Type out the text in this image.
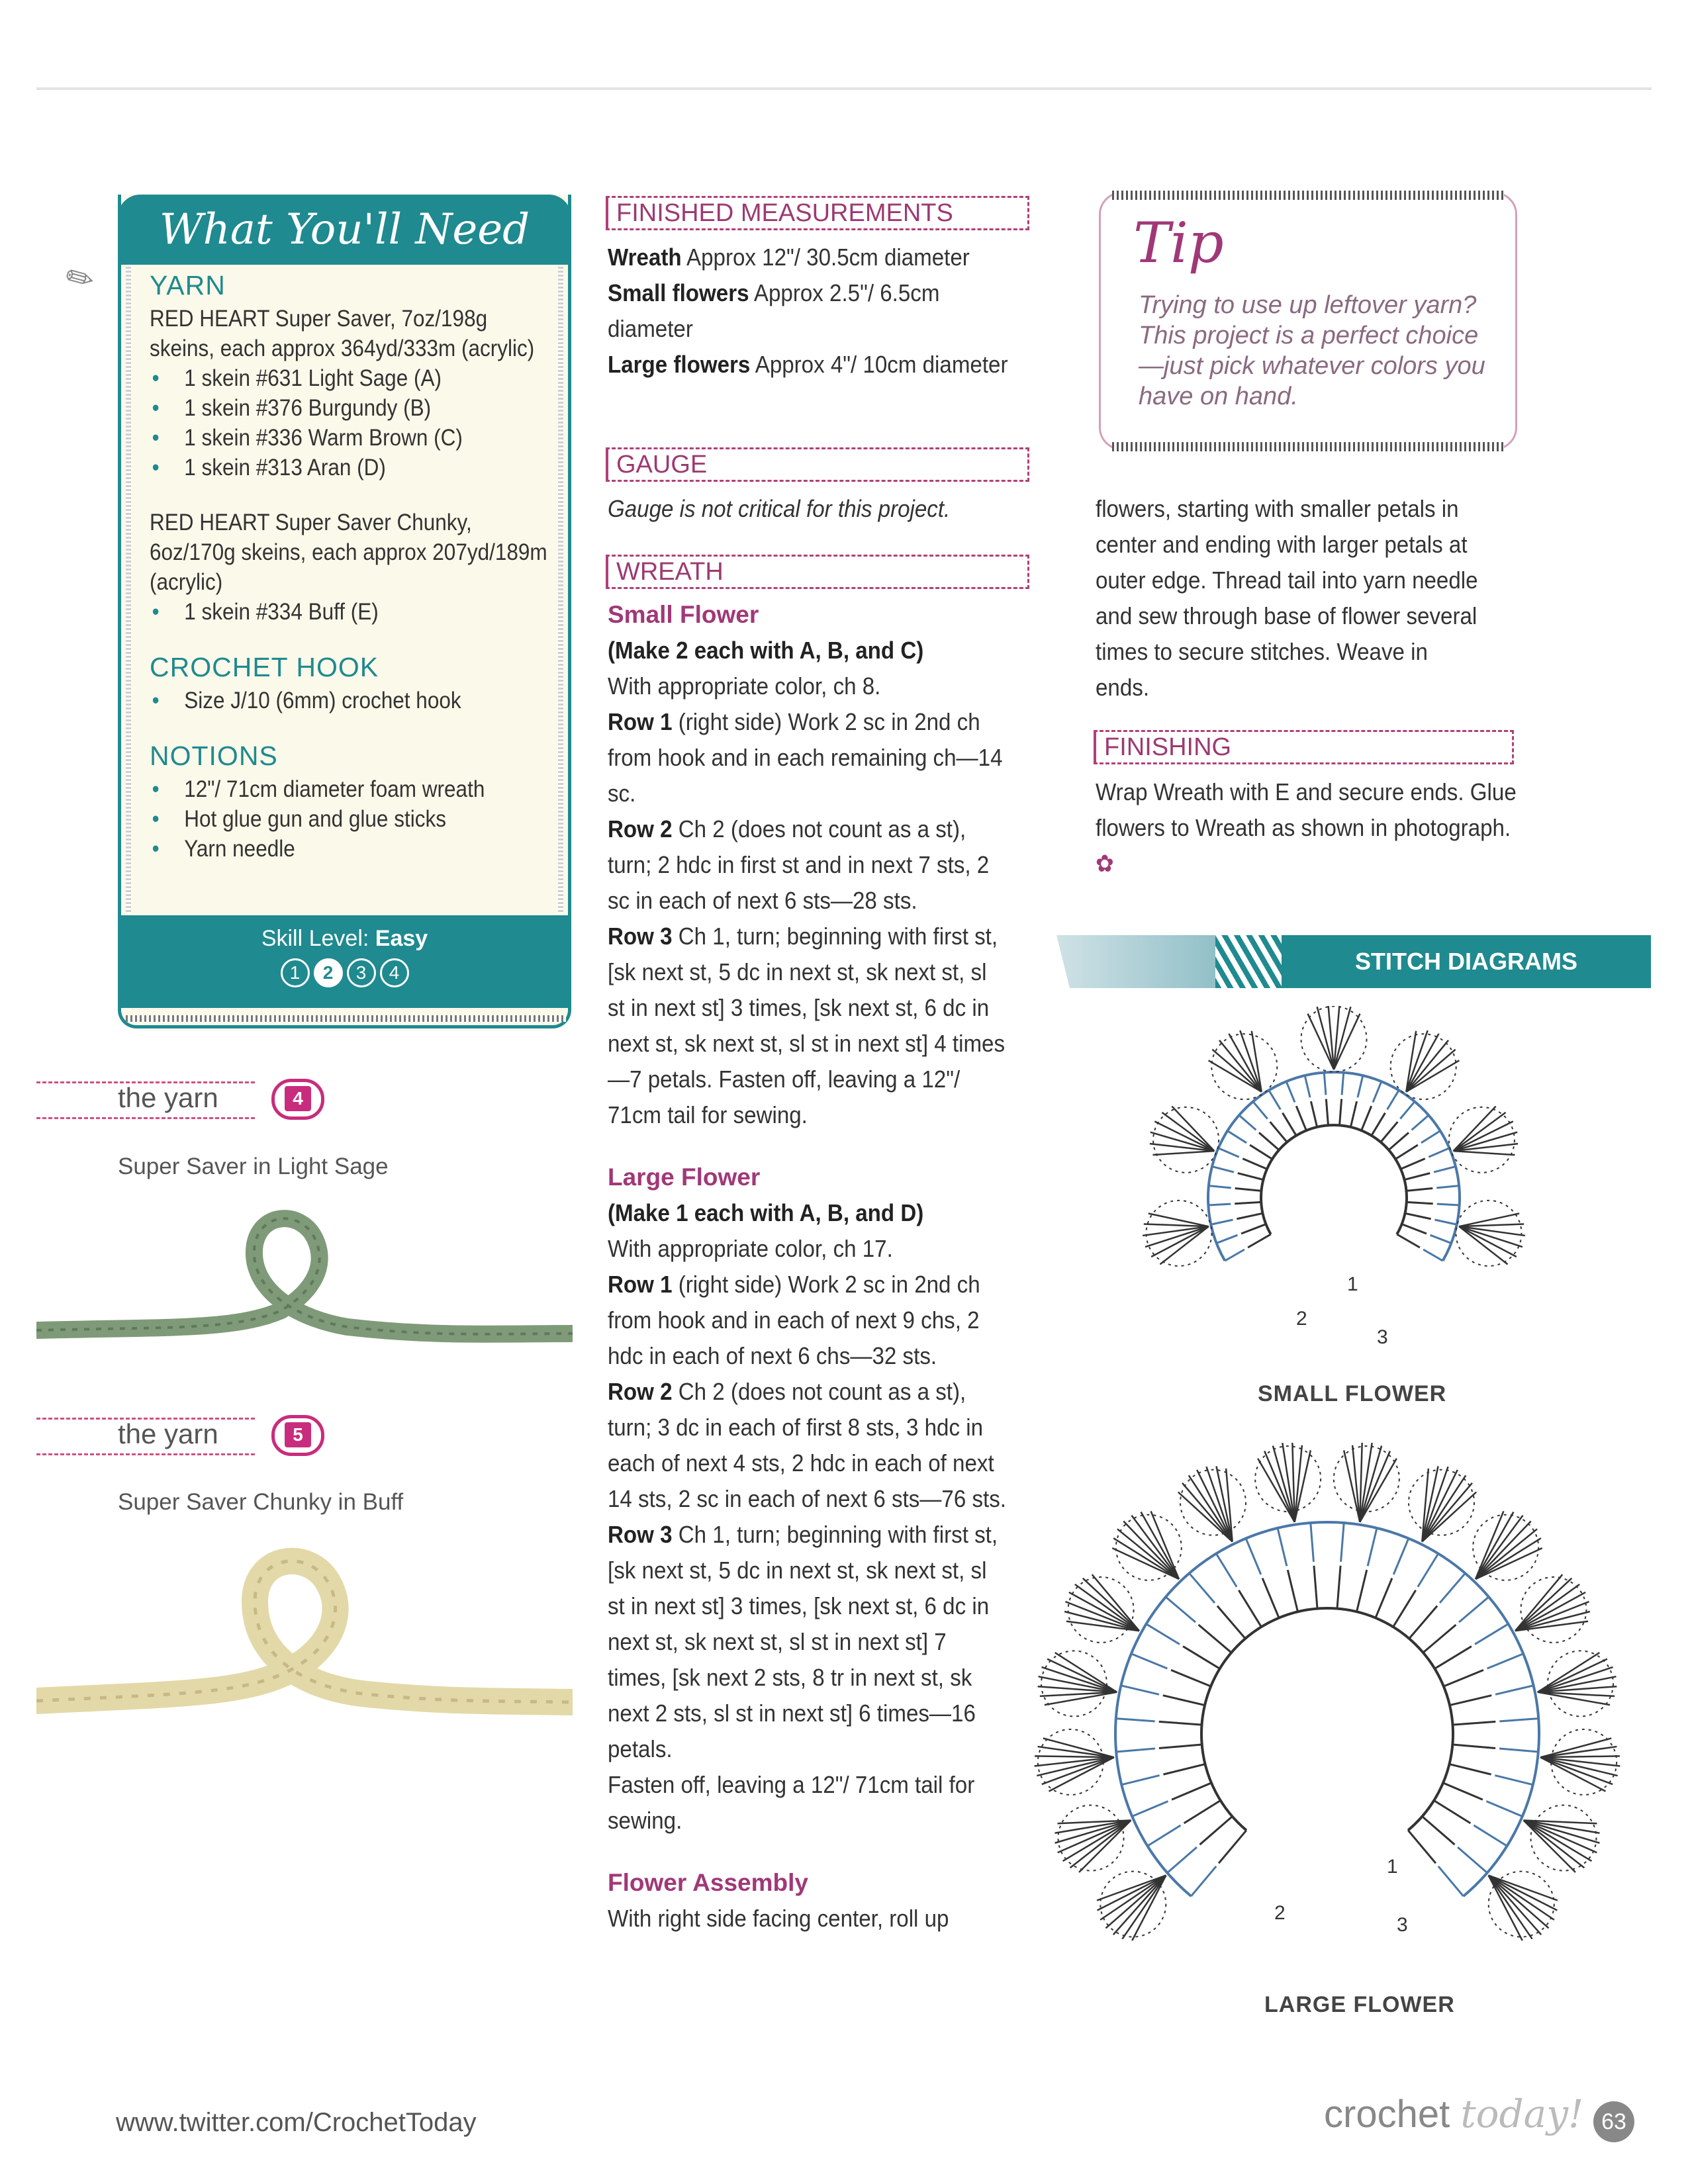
What You'll Need
✎ YARN

RED HEART Super Saver, 7oz/198g skeins, each approx 364yd/333m (acrylic)

• 1 skein #631 Light Sage (A)
• 1 skein #376 Burgundy (B)
• 1 skein #336 Warm Brown (C)
• 1 skein #313 Aran (D)

RED HEART Super Saver Chunky, 6oz/170g skeins, each approx 207yd/189m (acrylic)

• 1 skein #334 Buff (E)
CROCHET HOOK
• Size J/10 (6mm) crochet hook
NOTIONS
• 12"/ 71cm diameter foam wreath
• Hot glue gun and glue sticks
• Yarn needle
Skill Level: Easy
1	2	3	4
the yarn	4
Super Saver in Light Sage
the yarn	5
Super Saver Chunky in Buff
FINISHED MEASUREMENTS

Wreath Approx 12"/ 30.5cm diameter

Small flowers Approx 2.5"/ 6.5cm diameter

Large flowers Approx 4"/ 10cm diameter

GAUGE

Gauge is not critical for this project.

WREATH

Small Flower

(Make 2 each with A, B, and C)

With appropriate color, ch 8.

Row 1 (right side) Work 2 sc in 2nd ch from hook and in each remaining ch—14 sc.

Row 2 Ch 2 (does not count as a st), turn; 2 hdc in first st and in next 7 sts, 2 sc in each of next 6 sts—28 sts.

Row 3 Ch 1, turn; beginning with first st, [sk next st, 5 dc in next st, sk next st, sl st in next st] 3 times, [sk next st, 6 dc in next st, sk next st, sl st in next st] 4 times—7 petals. Fasten off, leaving a 12"/ 71cm tail for sewing.

Large Flower

(Make 1 each with A, B, and D)

With appropriate color, ch 17.

Row 1 (right side) Work 2 sc in 2nd ch from hook and in each of next 9 chs, 2 hdc in each of next 6 chs—32 sts.

Row 2 Ch 2 (does not count as a st), turn; 3 dc in each of first 8 sts, 3 hdc in each of next 4 sts, 2 hdc in each of next 14 sts, 2 sc in each of next 6 sts—76 sts.

Row 3 Ch 1, turn; beginning with first st, [sk next st, 5 dc in next st, sk next st, sl st in next st] 3 times, [sk next st, 6 dc in next st, sk next st, sl st in next st] 7 times, [sk next 2 sts, 8 tr in next st, sk next 2 sts, sl st in next st] 6 times—16 petals.

Fasten off, leaving a 12"/ 71cm tail for sewing.

Flower Assembly

With right side facing center, roll up

Tip
Trying to use up leftover yarn? This project is a perfect choice—just pick whatever colors you have on hand.

flowers, starting with smaller petals in center and ending with larger petals at outer edge. Thread tail into yarn needle and sew through base of flower several times to secure stitches. Weave in ends.

FINISHING

Wrap Wreath with E and secure ends. Glue flowers to Wreath as shown in photograph. ✿

STITCH DIAGRAMS
1
2
3
SMALL FLOWER
1
2
3
LARGE FLOWER
www.twitter.com/CrochetToday	crochet today! 63
